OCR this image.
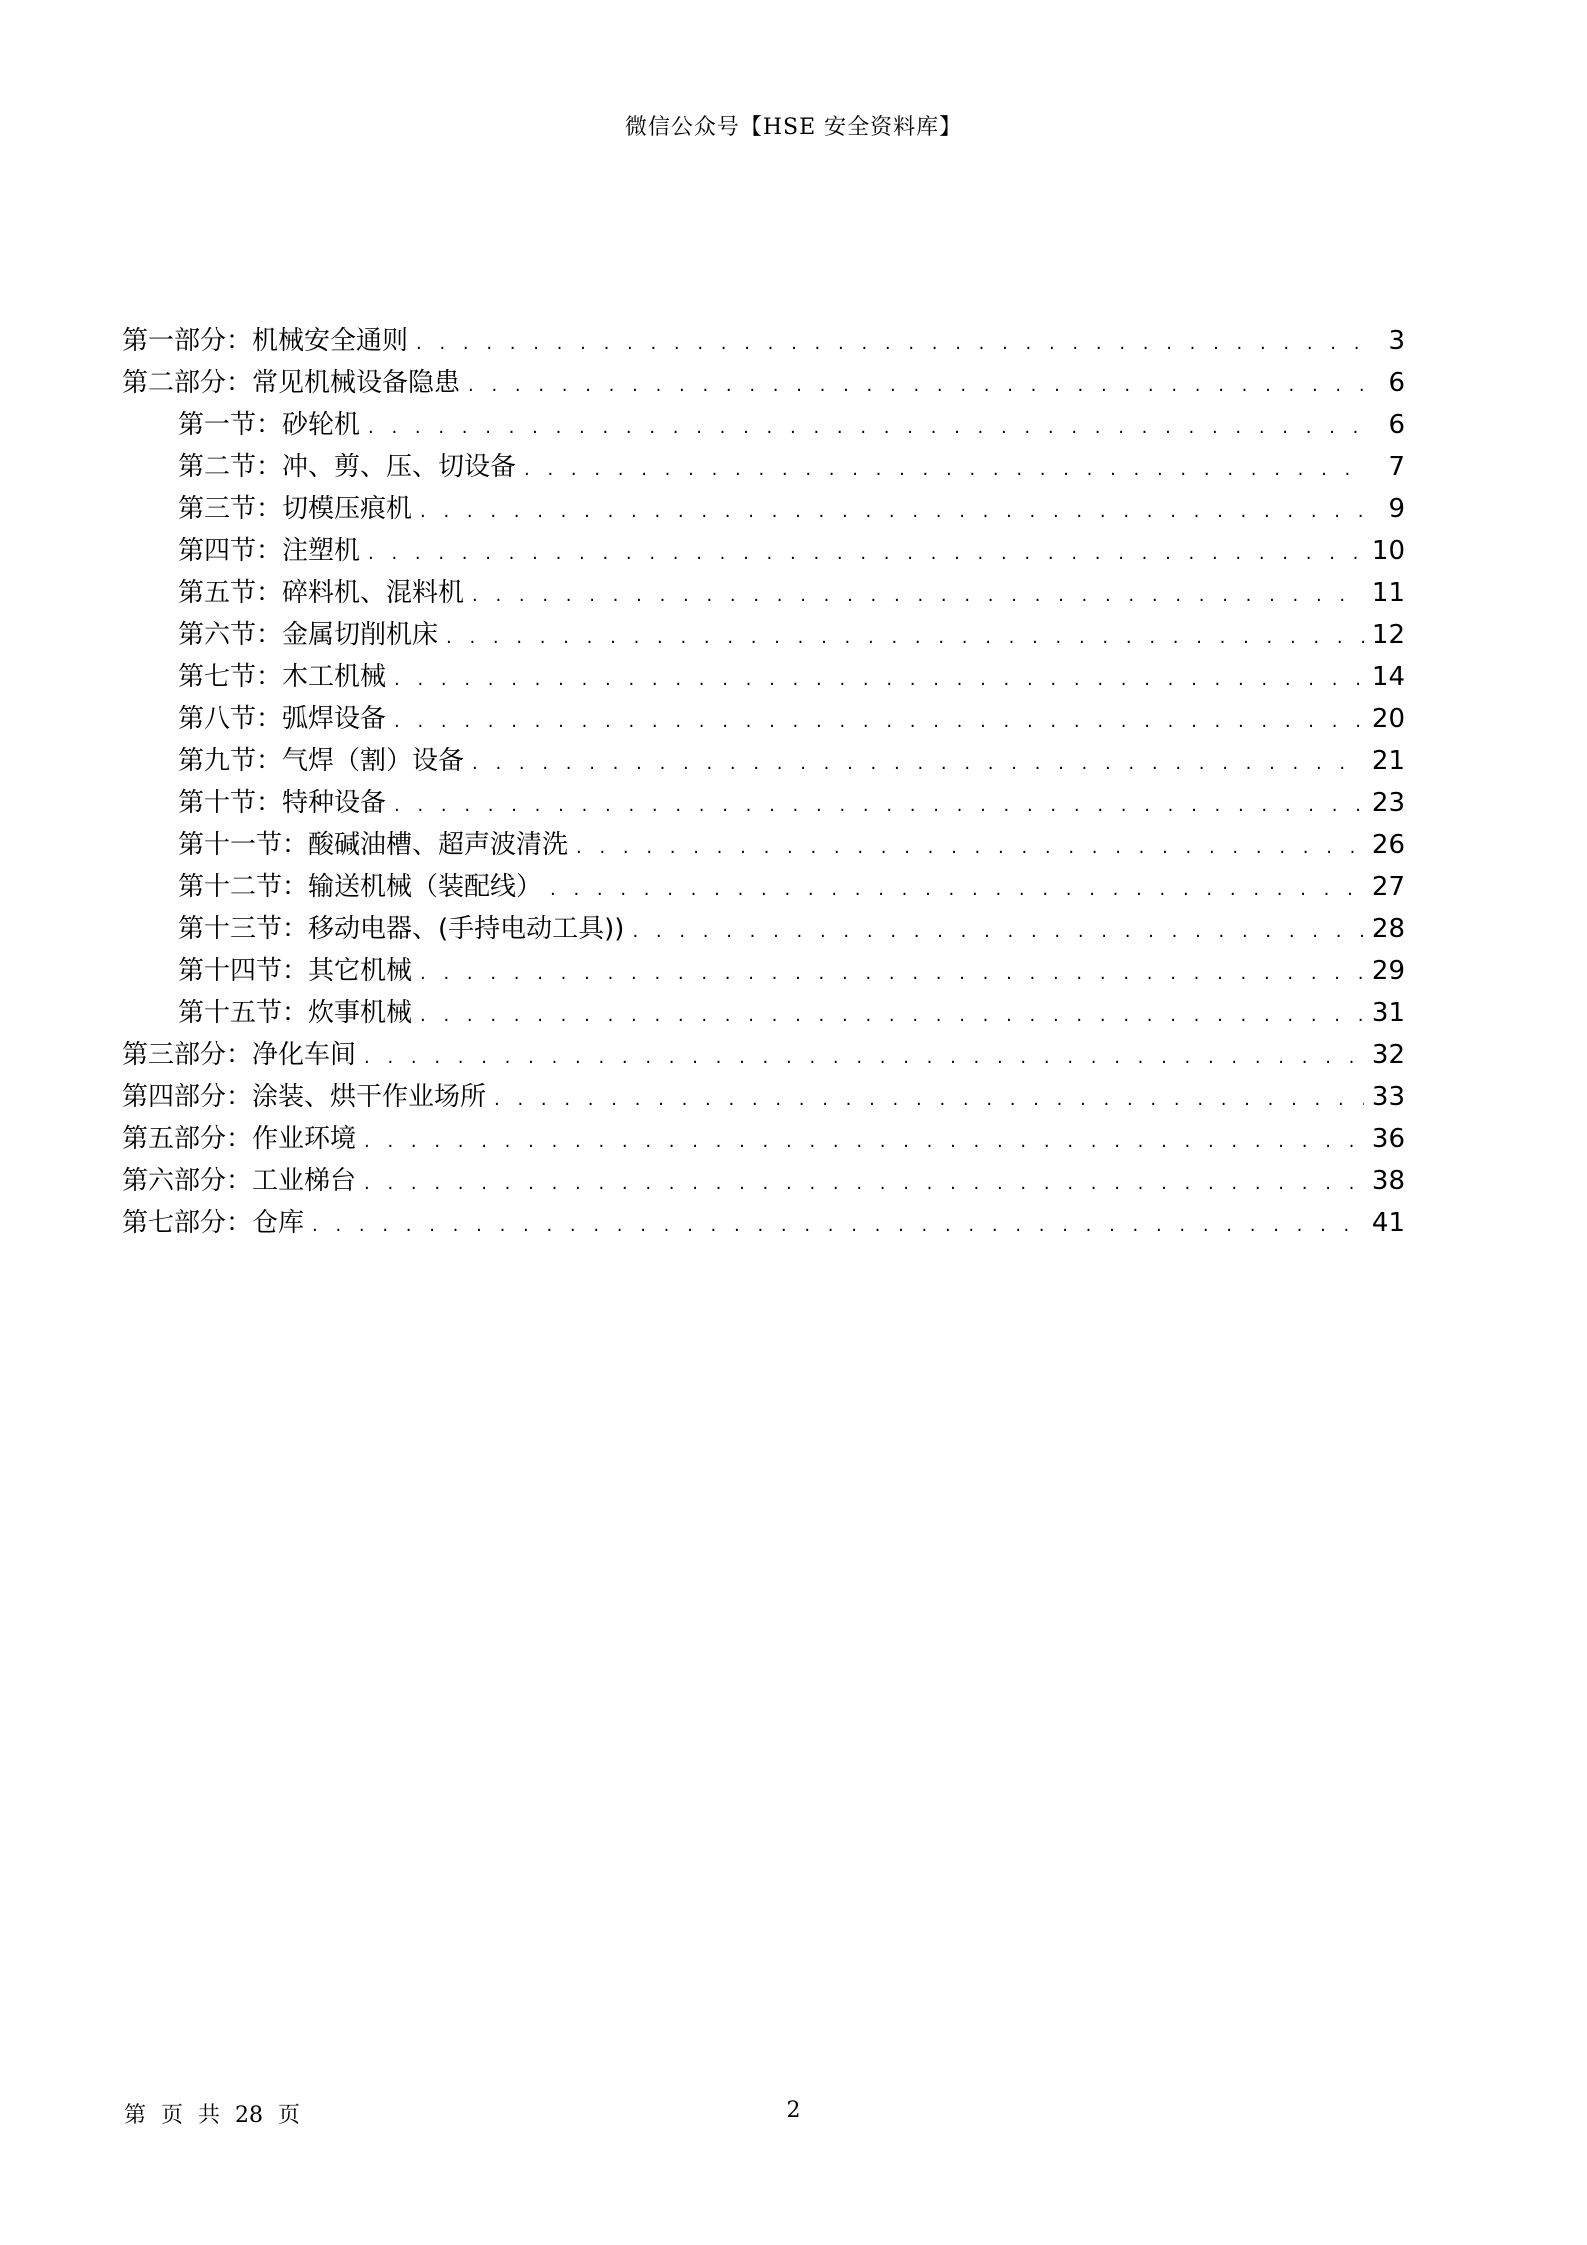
微信公众号【HSE 安全资料库】
第一部分：机械安全通则 . . .	3
第二部分：常见机械设备隐患 . . .	6
第一节：砂轮机 . . .	6
第二节：冲、剪、压、切设备 . . .	7
第三节：切模压痕机 . . .	9
第四节：注塑机 . . .	10
第五节：碎料机、混料机 . . .	11
第六节：金属切削机床 . . .	12
第七节：木工机械 . . .	14
第八节：弧焊设备 . . .	20
第九节：气焊（割）设备 . . .	21
第十节：特种设备 . . .	23
第十一节：酸碱油槽、超声波清洗 . . .	26
第十二节：输送机械（装配线） . . .	27
第十三节：移动电器、(手持电动工具)) . . .	28
第十四节：其它机械 . . .	29
第十五节：炊事机械 . . .	31
第三部分：净化车间 . . .	32
第四部分：涂装、烘干作业场所 . . .	33
第五部分：作业环境 . . .	36
第六部分：工业梯台 . . .	38
第七部分：仓库 . . .	41
第 页 共 28 页	2
